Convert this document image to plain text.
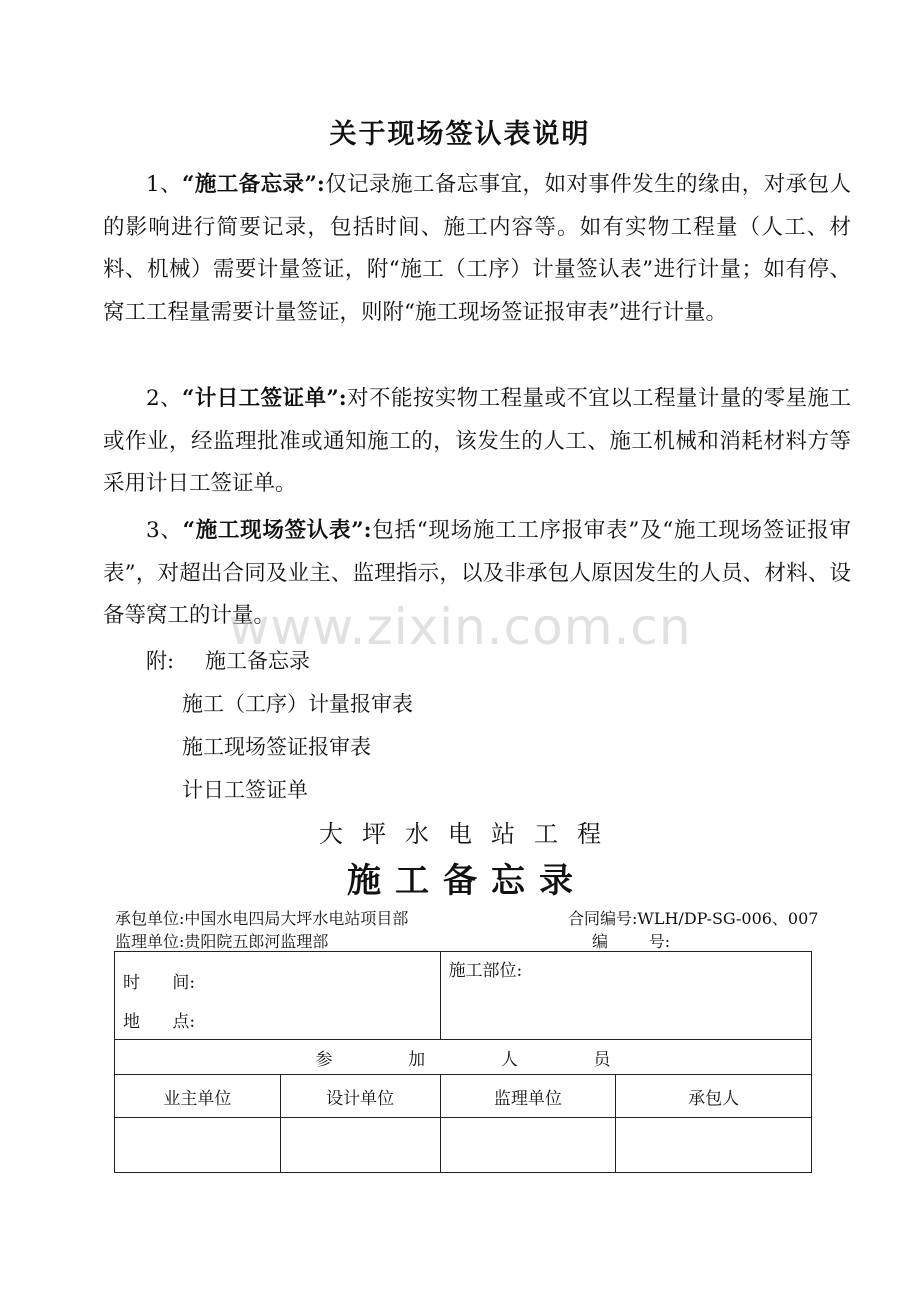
关于现场签认表说明
1、“施工备忘录”:仅记录施工备忘事宜，如对事件发生的缘由，对承包人的影响进行简要记录，包括时间、施工内容等。如有实物工程量（人工、材料、机械）需要计量签证，附“施工（工序）计量签认表”进行计量；如有停、窝工工程量需要计量签证，则附“施工现场签证报审表”进行计量。
2、“计日工签证单”:对不能按实物工程量或不宜以工程量计量的零星施工或作业，经监理批准或通知施工的，该发生的人工、施工机械和消耗材料方等采用计日工签证单。
3、“施工现场签认表”:包括“现场施工工序报审表”及“施工现场签证报审表”，对超出合同及业主、监理指示，以及非承包人原因发生的人员、材料、设备等窝工的计量。
www.zixin.com.cn
附: 施工备忘录
施工（工序）计量报审表
施工现场签证报审表
计日工签证单
大坪水电站工程
施工备忘录
承包单位:中国水电四局大坪水电站项目部	合同编号:WLH/DP-SG-006、007
监理单位:贵阳院五郎河监理部	编        号:
时      间:
地      点:		施工部位:	

参              加              人              员			
业主单位	设计单位	监理单位	承包人
